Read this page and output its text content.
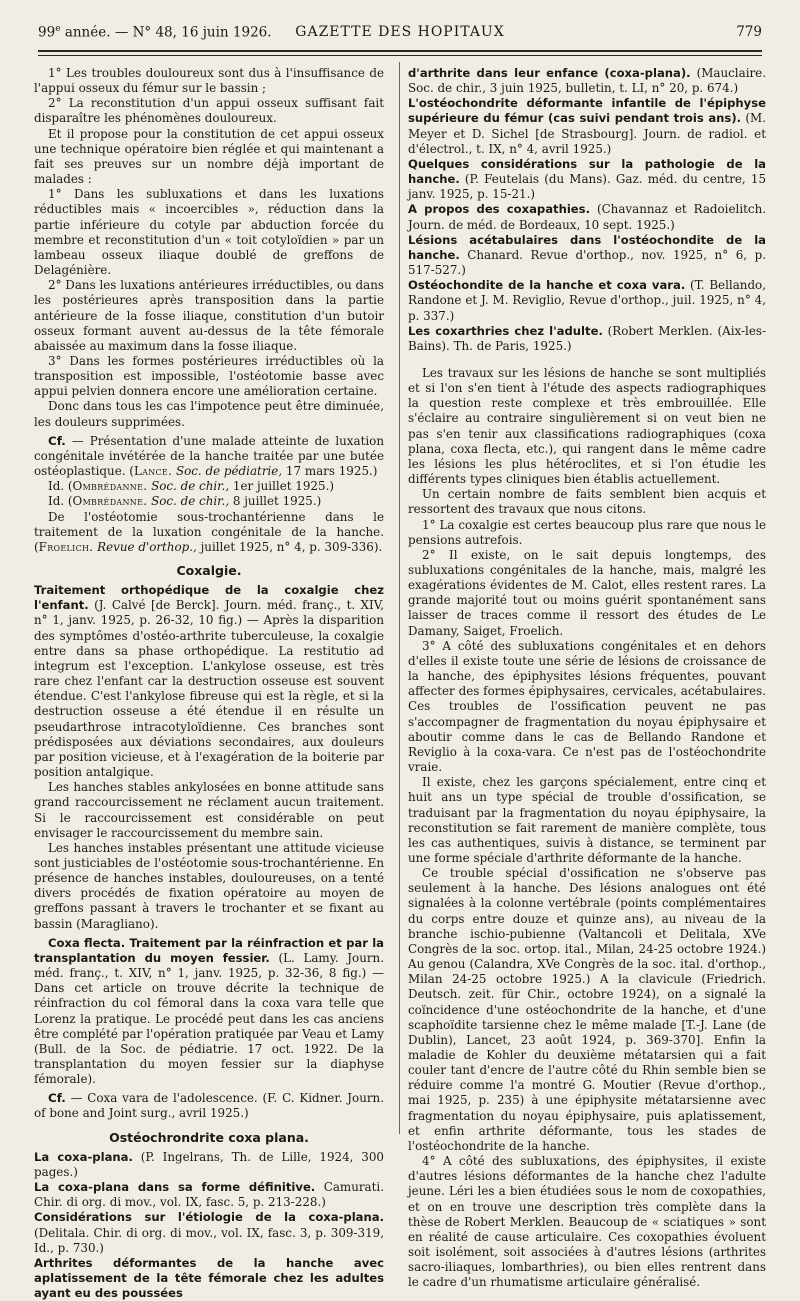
99e année. — N° 48, 16 juin 1926.	GAZETTE DES HOPITAUX	779

1° Les troubles douloureux sont dus à l'insuffisance de l'appui osseux du fémur sur le bassin ;

2° La reconstitution d'un appui osseux suffisant fait disparaître les phénomènes douloureux.

Et il propose pour la constitution de cet appui osseux une technique opératoire bien réglée et qui maintenant a fait ses preuves sur un nombre déjà important de malades :

1° Dans les subluxations et dans les luxations réductibles mais « incoercibles », réduction dans la partie inférieure du cotyle par abduction forcée du membre et reconstitution d'un « toit cotyloïdien » par un lambeau osseux iliaque doublé de greffons de Delagénière.

2° Dans les luxations antérieures irréductibles, ou dans les postérieures après transposition dans la partie antérieure de la fosse iliaque, constitution d'un butoir osseux formant auvent au-dessus de la tête fémorale abaissée au maximum dans la fosse iliaque.

3° Dans les formes postérieures irréductibles où la transposition est impossible, l'ostéotomie basse avec appui pelvien donnera encore une amélioration certaine.

Donc dans tous les cas l'impotence peut être diminuée, les douleurs supprimées.

Cf. — Présentation d'une malade atteinte de luxation congénitale invétérée de la hanche traitée par une butée ostéoplastique. (Lance. Soc. de pédiatrie, 17 mars 1925.)

Id. (Ombrédanne. Soc. de chir., 1er juillet 1925.)

Id. (Ombrédanne. Soc. de chir., 8 juillet 1925.)

De l'ostéotomie sous-trochantérienne dans le traitement de la luxation congénitale de la hanche. (Froelich. Revue d'orthop., juillet 1925, n° 4, p. 309-336).

Coxalgie.

Traitement orthopédique de la coxalgie chez l'enfant. (J. Calvé [de Berck]. Journ. méd. franç., t. XIV, n° 1, janv. 1925, p. 26-32, 10 fig.) — Après la disparition des symptômes d'ostéo-arthrite tuberculeuse, la coxalgie entre dans sa phase orthopédique. La restitutio ad integrum est l'exception. L'ankylose osseuse, est très rare chez l'enfant car la destruction osseuse est souvent étendue. C'est l'ankylose fibreuse qui est la règle, et si la destruction osseuse a été étendue il en résulte un pseudarthrose intracotyloïdienne. Ces branches sont prédisposées aux déviations secondaires, aux douleurs par position vicieuse, et à l'exagération de la boiterie par position antalgique.

Les hanches stables ankylosées en bonne attitude sans grand raccourcissement ne réclament aucun traitement. Si le raccourcissement est considérable on peut envisager le raccourcissement du membre sain.

Les hanches instables présentant une attitude vicieuse sont justiciables de l'ostéotomie sous-trochantérienne. En présence de hanches instables, douloureuses, on a tenté divers procédés de fixation opératoire au moyen de greffons passant à travers le trochanter et se fixant au bassin (Maragliano).

Coxa flecta. Traitement par la réinfraction et par la transplantation du moyen fessier. (L. Lamy. Journ. méd. franç., t. XIV, n° 1, janv. 1925, p. 32-36, 8 fig.) — Dans cet article on trouve décrite la technique de réinfraction du col fémoral dans la coxa vara telle que Lorenz la pratique. Le procédé peut dans les cas anciens être complété par l'opération pratiquée par Veau et Lamy (Bull. de la Soc. de pédiatrie. 17 oct. 1922. De la transplantation du moyen fessier sur la diaphyse fémorale).

Cf. — Coxa vara de l'adolescence. (F. C. Kidner. Journ. of bone and Joint surg., avril 1925.)

Ostéochrondrite coxa plana.

La coxa-plana. (P. Ingelrans, Th. de Lille, 1924, 300 pages.)

La coxa-plana dans sa forme définitive. Camurati. Chir. di org. di mov., vol. IX, fasc. 5, p. 213-228.)

Considérations sur l'étiologie de la coxa-plana. (Delitala. Chir. di org. di mov., vol. IX, fasc. 3, p. 309-319, Id., p. 730.)

Arthrites déformantes de la hanche avec aplatissement de la tête fémorale chez les adultes ayant eu des poussées

d'arthrite dans leur enfance (coxa-plana). (Mauclaire. Soc. de chir., 3 juin 1925, bulletin, t. LI, n° 20, p. 674.)

L'ostéochondrite déformante infantile de l'épiphyse supérieure du fémur (cas suivi pendant trois ans). (M. Meyer et D. Sichel [de Strasbourg]. Journ. de radiol. et d'électrol., t. IX, n° 4, avril 1925.)

Quelques considérations sur la pathologie de la hanche. (P. Feutelais (du Mans). Gaz. méd. du centre, 15 janv. 1925, p. 15-21.)

A propos des coxapathies. (Chavannaz et Radoielitch. Journ. de méd. de Bordeaux, 10 sept. 1925.)

Lésions acétabulaires dans l'ostéochondite de la hanche. Chanard. Revue d'orthop., nov. 1925, n° 6, p. 517-527.)

Ostéochondite de la hanche et coxa vara. (T. Bellando, Randone et J. M. Reviglio, Revue d'orthop., juil. 1925, n° 4, p. 337.)

Les coxarthries chez l'adulte. (Robert Merklen. (Aix-les-Bains). Th. de Paris, 1925.)

Les travaux sur les lésions de hanche se sont multipliés et si l'on s'en tient à l'étude des aspects radiographiques la question reste complexe et très embrouillée. Elle s'éclaire au contraire singulièrement si on veut bien ne pas s'en tenir aux classifications radiographiques (coxa plana, coxa flecta, etc.), qui rangent dans le même cadre les lésions les plus hétéroclites, et si l'on étudie les différents types cliniques bien établis actuellement.

Un certain nombre de faits semblent bien acquis et ressortent des travaux que nous citons.

1° La coxalgie est certes beaucoup plus rare que nous le pensions autrefois.

2° Il existe, on le sait depuis longtemps, des subluxations congénitales de la hanche, mais, malgré les exagérations évidentes de M. Calot, elles restent rares. La grande majorité tout ou moins guérit spontanément sans laisser de traces comme il ressort des études de Le Damany, Saiget, Froelich.

3° A côté des subluxations congénitales et en dehors d'elles il existe toute une série de lésions de croissance de la hanche, des épiphysites lésions fréquentes, pouvant affecter des formes épiphysaires, cervicales, acétabulaires. Ces troubles de l'ossification peuvent ne pas s'accompagner de fragmentation du noyau épiphysaire et aboutir comme dans le cas de Bellando Randone et Reviglio à la coxa-vara. Ce n'est pas de l'ostéochondrite vraie.

Il existe, chez les garçons spécialement, entre cinq et huit ans un type spécial de trouble d'ossification, se traduisant par la fragmentation du noyau épiphysaire, la reconstitution se fait rarement de manière complète, tous les cas authentiques, suivis à distance, se terminent par une forme spéciale d'arthrite déformante de la hanche.

Ce trouble spécial d'ossification ne s'observe pas seulement à la hanche. Des lésions analogues ont été signalées à la colonne vertébrale (points complémentaires du corps entre douze et quinze ans), au niveau de la branche ischio-pubienne (Valtancoli et Delitala, XVe Congrès de la soc. ortop. ital., Milan, 24-25 octobre 1924.) Au genou (Calandra, XVe Congrès de la soc. ital. d'orthop., Milan 24-25 octobre 1925.) A la clavicule (Friedrich. Deutsch. zeit. für Chir., octobre 1924), on a signalé la coïncidence d'une ostéochondrite de la hanche, et d'une scaphoïdite tarsienne chez le même malade [T.-J. Lane (de Dublin), Lancet, 23 août 1924, p. 369-370]. Enfin la maladie de Kohler du deuxième métatarsien qui a fait couler tant d'encre de l'autre côté du Rhin semble bien se réduire comme l'a montré G. Moutier (Revue d'orthop., mai 1925, p. 235) à une épiphysite métatarsienne avec fragmentation du noyau épiphysaire, puis aplatissement, et enfin arthrite déformante, tous les stades de l'ostéochondrite de la hanche.

4° A côté des subluxations, des épiphysites, il existe d'autres lésions déformantes de la hanche chez l'adulte jeune. Léri les a bien étudiées sous le nom de coxopathies, et on en trouve une description très complète dans la thèse de Robert Merklen. Beaucoup de « sciatiques » sont en réalité de cause articulaire. Ces coxopathies évoluent soit isolément, soit associées à d'autres lésions (arthrites sacro-iliaques, lombarthries), ou bien elles rentrent dans le cadre d'un rhumatisme articulaire généralisé.
